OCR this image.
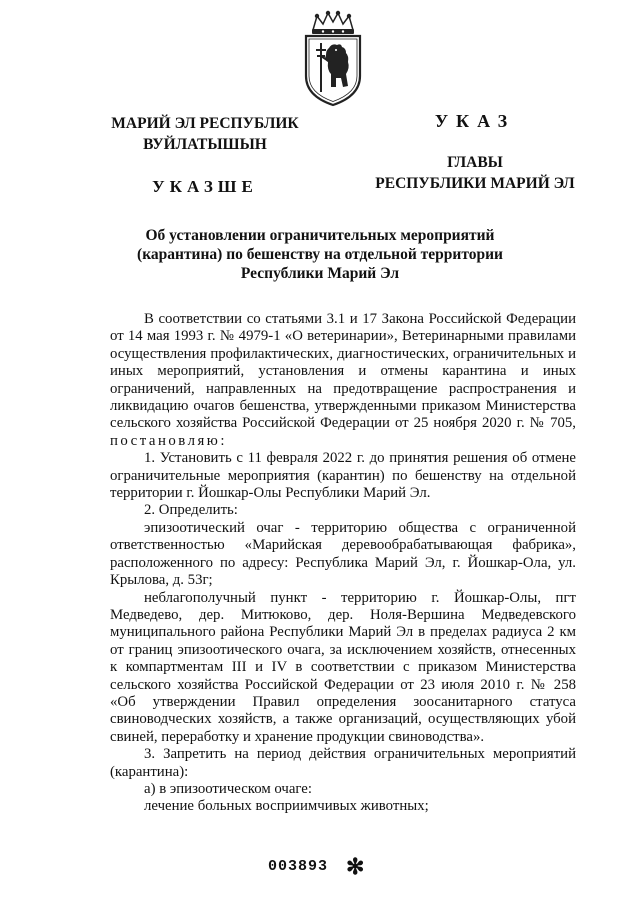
МАРИЙ ЭЛ РЕСПУБЛИК
ВУЙЛАТЫШЫН
УКАЗШЕ
УКАЗ
ГЛАВЫ
РЕСПУБЛИКИ МАРИЙ ЭЛ
Об установлении ограничительных мероприятий
(карантина) по бешенству на отдельной территории
Республики Марий Эл

В соответствии со статьями 3.1 и 17 Закона Российской Федерации от 14 мая 1993 г. № 4979-1 «О ветеринарии», Ветеринарными правилами осуществления профилактических, диагностических, ограничительных и иных мероприятий, установления и отмены карантина и иных ограничений, направленных на предотвращение распространения и ликвидацию очагов бешенства, утвержденными приказом Министерства сельского хозяйства Российской Федерации от 25 ноября 2020 г. № 705, постановляю:

1. Установить с 11 февраля 2022 г. до принятия решения об отмене ограничительные мероприятия (карантин) по бешенству на отдельной территории г. Йошкар-Олы Республики Марий Эл.

2. Определить:

эпизоотический очаг - территорию общества с ограниченной ответственностью «Марийская деревообрабатывающая фабрика», расположенного по адресу: Республика Марий Эл, г. Йошкар-Ола, ул. Крылова, д. 53г;

неблагополучный пункт - территорию г. Йошкар-Олы, пгт Медведево, дер. Митюково, дер. Ноля-Вершина Медведевского муниципального района Республики Марий Эл в пределах радиуса 2 км от границ эпизоотического очага, за исключением хозяйств, отнесенных к компартментам III и IV в соответствии с приказом Министерства сельского хозяйства Российской Федерации от 23 июля 2010 г. № 258 «Об утверждении Правил определения зоосанитарного статуса свиноводческих хозяйств, а также организаций, осуществляющих убой свиней, переработку и хранение продукции свиноводства».

3. Запретить на период действия ограничительных мероприятий (карантина):

а) в эпизоотическом очаге:

лечение больных восприимчивых животных;

003893 ✻
